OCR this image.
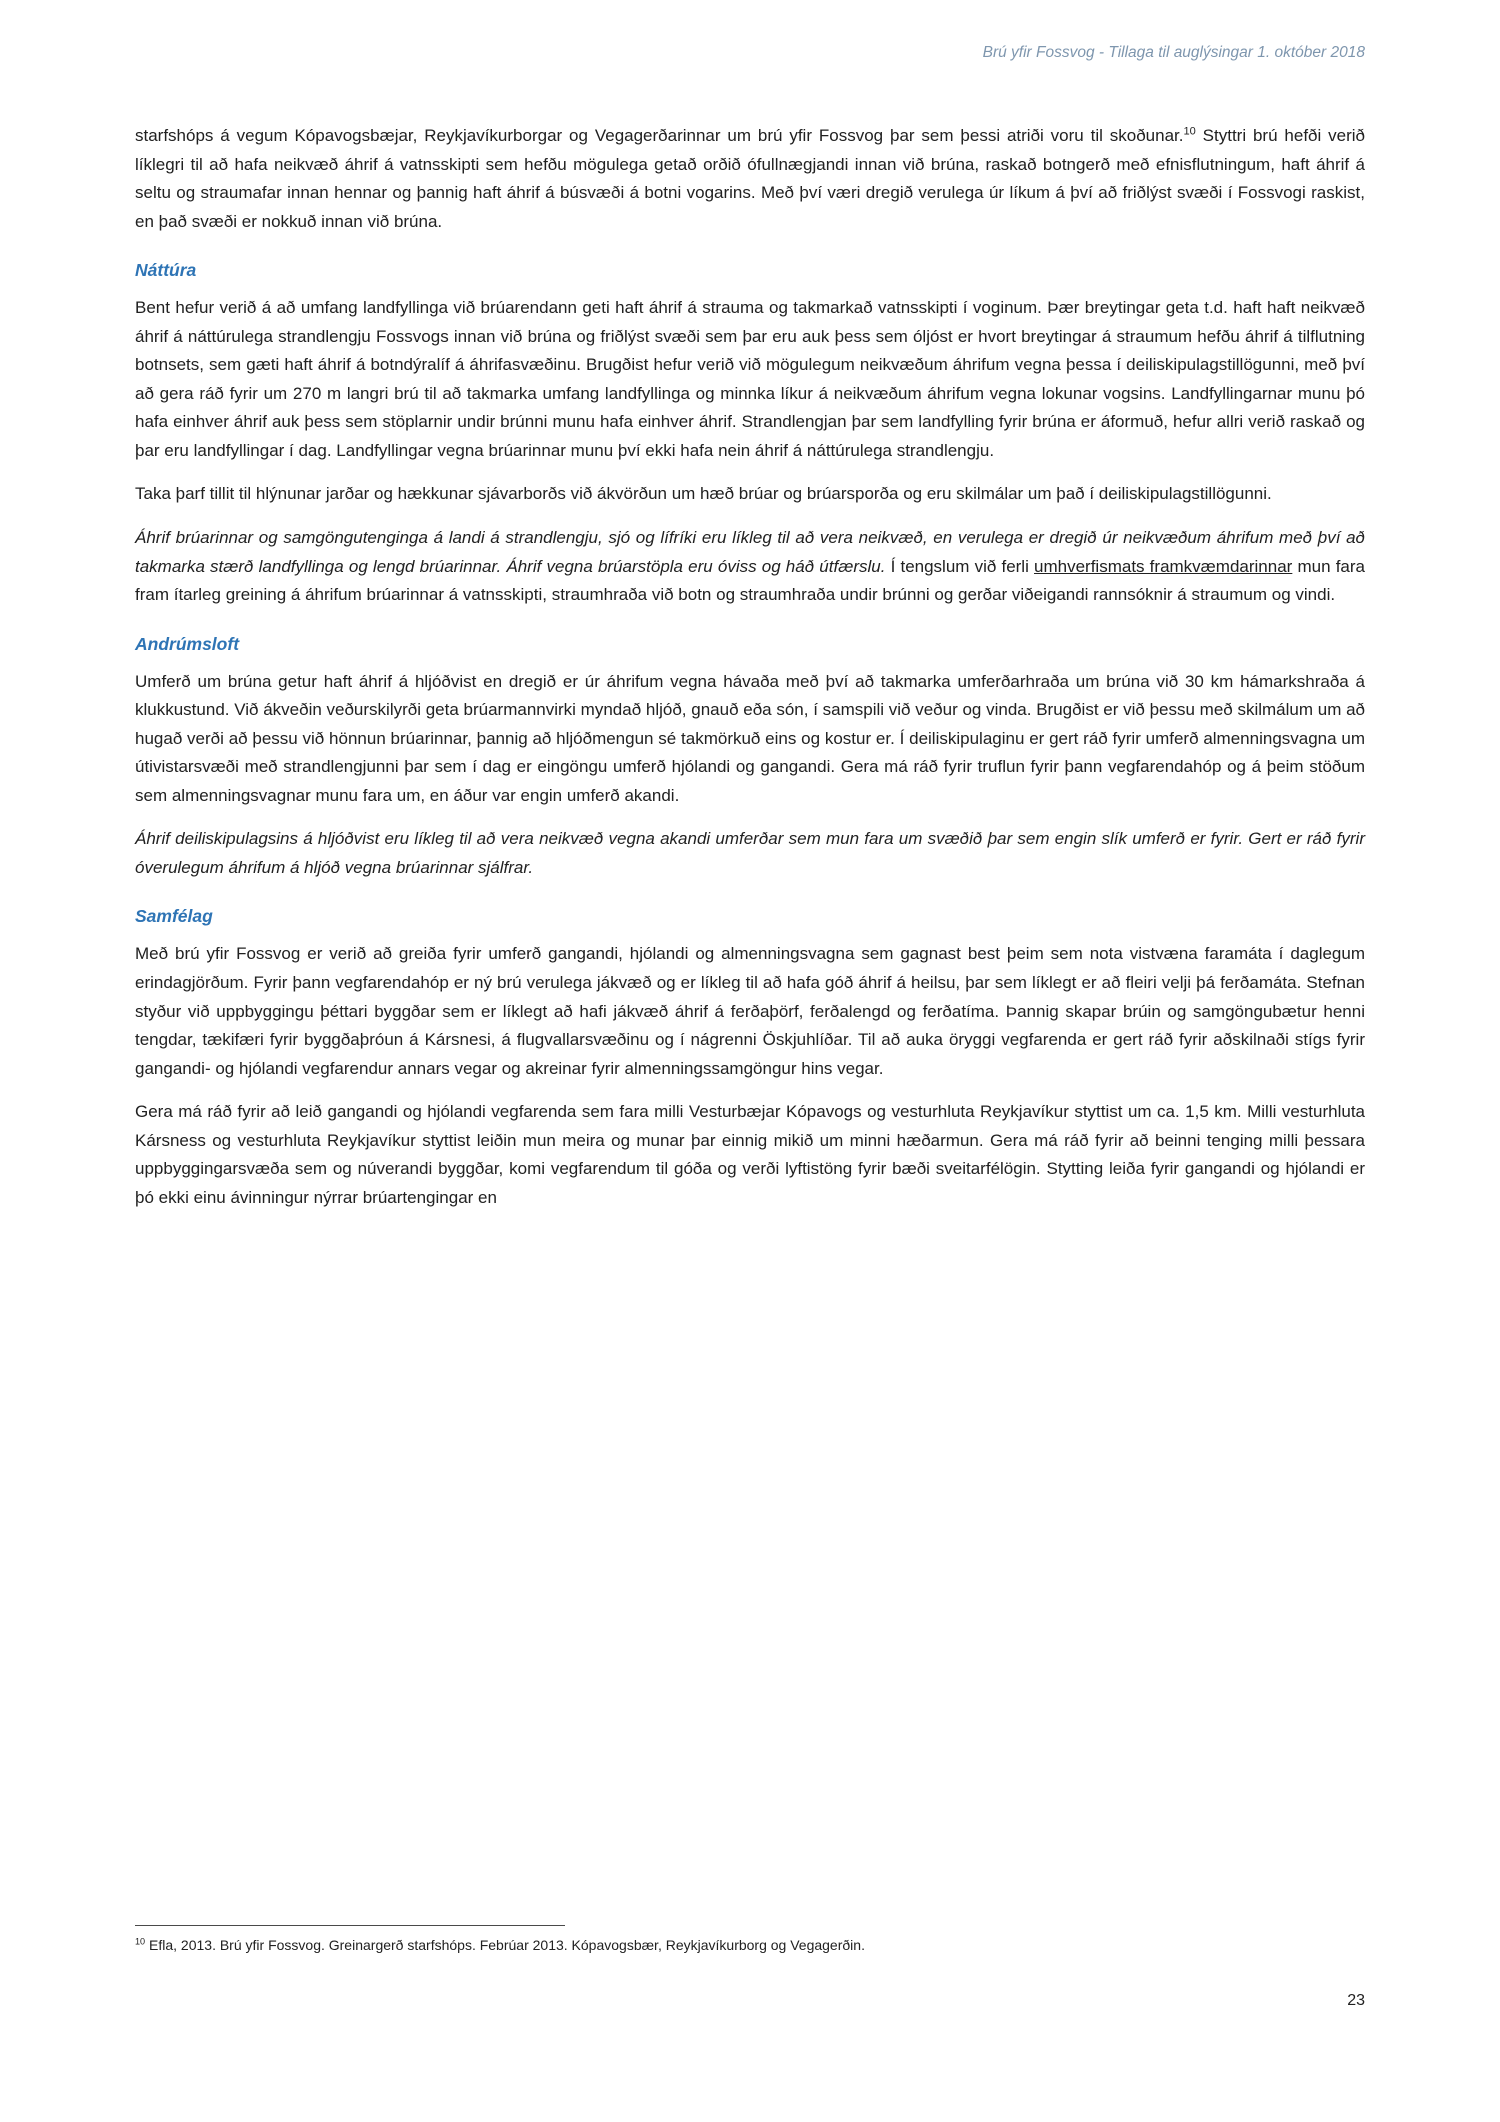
Brú yfir Fossvog - Tillaga til auglýsingar 1. október 2018

starfshóps á vegum Kópavogsbæjar, Reykjavíkurborgar og Vegagerðarinnar um brú yfir Fossvog þar sem þessi atriði voru til skoðunar.$^{10}$ Styttri brú hefði verið líklegri til að hafa neikvæð áhrif á vatnsskipti sem hefðu mögulega getað orðið ófullnægjandi innan við brúna, raskað botngerð með efnisflutningum, haft áhrif á seltu og straumafar innan hennar og þannig haft áhrif á búsvæði á botni vogarins. Með því væri dregið verulega úr líkum á því að friðlýst svæði í Fossvogi raskist, en það svæði er nokkuð innan við brúna.

Náttúra

Bent hefur verið á að umfang landfyllinga við brúarendann geti haft áhrif á strauma og takmarkað vatnsskipti í voginum. Þær breytingar geta t.d. haft haft neikvæð áhrif á náttúrulega strandlengju Fossvogs innan við brúna og friðlýst svæði sem þar eru auk þess sem óljóst er hvort breytingar á straumum hefðu áhrif á tilflutning botnsets, sem gæti haft áhrif á botndýralíf á áhrifasvæðinu. Brugðist hefur verið við mögulegum neikvæðum áhrifum vegna þessa í deiliskipulagstillögunni, með því að gera ráð fyrir um 270 m langri brú til að takmarka umfang landfyllinga og minnka líkur á neikvæðum áhrifum vegna lokunar vogsins. Landfyllingarnar munu þó hafa einhver áhrif auk þess sem stöplarnir undir brúnni munu hafa einhver áhrif. Strandlengjan þar sem landfylling fyrir brúna er áformuð, hefur allri verið raskað og þar eru landfyllingar í dag. Landfyllingar vegna brúarinnar munu því ekki hafa nein áhrif á náttúrulega strandlengju.

Taka þarf tillit til hlýnunar jarðar og hækkunar sjávarborðs við ákvörðun um hæð brúar og brúarsporða og eru skilmálar um það í deiliskipulagstillögunni.

Áhrif brúarinnar og samgöngutenginga á landi á strandlengju, sjó og lífríki eru líkleg til að vera neikvæð, en verulega er dregið úr neikvæðum áhrifum með því að takmarka stærð landfyllinga og lengd brúarinnar. Áhrif vegna brúarstöpla eru óviss og háð útfærslu. Í tengslum við ferli umhverfismats framkvæmdarinnar mun fara fram ítarleg greining á áhrifum brúarinnar á vatnsskipti, straumhraða við botn og straumhraða undir brúnni og gerðar viðeigandi rannsóknir á straumum og vindi.

Andrúmsloft

Umferð um brúna getur haft áhrif á hljóðvist en dregið er úr áhrifum vegna hávaða með því að takmarka umferðarhraða um brúna við 30 km hámarkshraða á klukkustund. Við ákveðin veðurskilyrði geta brúarmannvirki myndað hljóð, gnauð eða són, í samspili við veður og vinda. Brugðist er við þessu með skilmálum um að hugað verði að þessu við hönnun brúarinnar, þannig að hljóðmengun sé takmörkuð eins og kostur er. Í deiliskipulaginu er gert ráð fyrir umferð almenningsvagna um útivistarsvæði með strandlengjunni þar sem í dag er eingöngu umferð hjólandi og gangandi. Gera má ráð fyrir truflun fyrir þann vegfarendahóp og á þeim stöðum sem almenningsvagnar munu fara um, en áður var engin umferð akandi.

Áhrif deiliskipulagsins á hljóðvist eru líkleg til að vera neikvæð vegna akandi umferðar sem mun fara um svæðið þar sem engin slík umferð er fyrir. Gert er ráð fyrir óverulegum áhrifum á hljóð vegna brúarinnar sjálfrar.

Samfélag

Með brú yfir Fossvog er verið að greiða fyrir umferð gangandi, hjólandi og almenningsvagna sem gagnast best þeim sem nota vistvæna faramáta í daglegum erindagjörðum. Fyrir þann vegfarendahóp er ný brú verulega jákvæð og er líkleg til að hafa góð áhrif á heilsu, þar sem líklegt er að fleiri velji þá ferðamáta. Stefnan styður við uppbyggingu þéttari byggðar sem er líklegt að hafi jákvæð áhrif á ferðaþörf, ferðalengd og ferðatíma. Þannig skapar brúin og samgöngubætur henni tengdar, tækifæri fyrir byggðaþróun á Kársnesi, á flugvallarsvæðinu og í nágrenni Öskjuhlíðar. Til að auka öryggi vegfarenda er gert ráð fyrir aðskilnaði stígs fyrir gangandi- og hjólandi vegfarendur annars vegar og akreinar fyrir almenningssamgöngur hins vegar.

Gera má ráð fyrir að leið gangandi og hjólandi vegfarenda sem fara milli Vesturbæjar Kópavogs og vesturhluta Reykjavíkur styttist um ca. 1,5 km. Milli vesturhluta Kársness og vesturhluta Reykjavíkur styttist leiðin mun meira og munar þar einnig mikið um minni hæðarmun. Gera má ráð fyrir að beinni tenging milli þessara uppbyggingarsvæða sem og núverandi byggðar, komi vegfarendum til góða og verði lyftistöng fyrir bæði sveitarfélögin. Stytting leiða fyrir gangandi og hjólandi er þó ekki einu ávinningur nýrrar brúartengingar en

$^{10}$ Efla, 2013. Brú yfir Fossvog. Greinargerð starfshóps. Febrúar 2013. Kópavogsbær, Reykjavíkurborg og Vegagerðin.

23
